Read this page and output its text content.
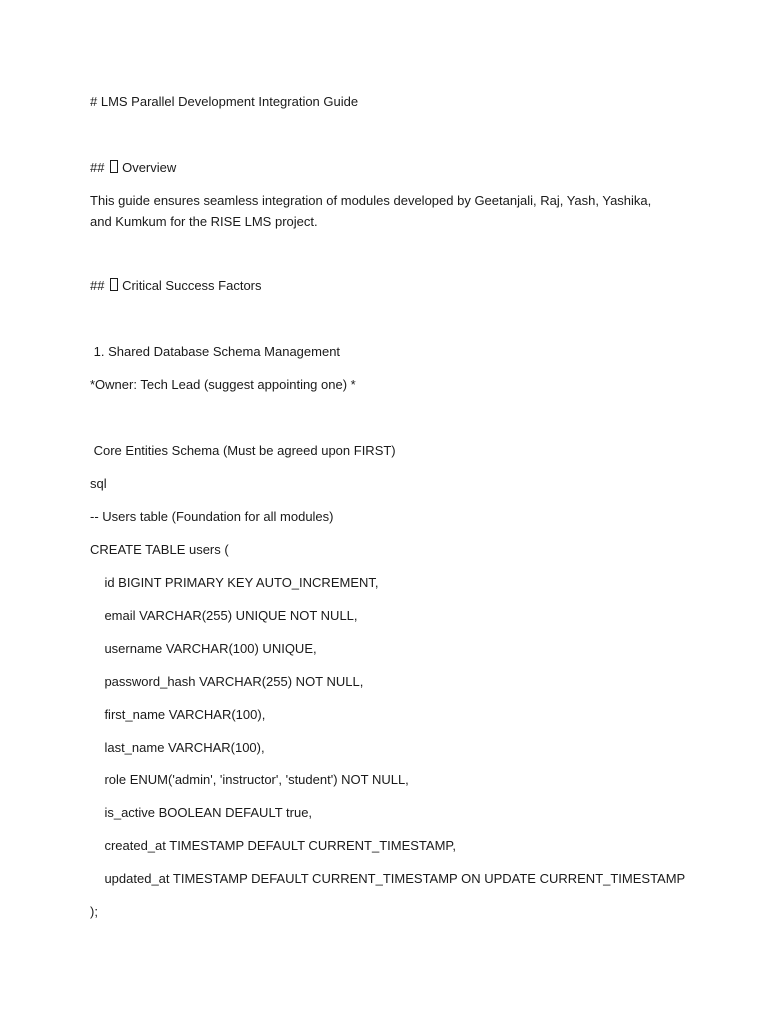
# LMS Parallel Development Integration Guide

## Overview

This guide ensures seamless integration of modules developed by Geetanjali, Raj, Yash, Yashika, and Kumkum for the RISE LMS project.

## Critical Success Factors

1. Shared Database Schema Management

*Owner: Tech Lead (suggest appointing one) *

Core Entities Schema (Must be agreed upon FIRST)

sql

-- Users table (Foundation for all modules)

CREATE TABLE users (

id BIGINT PRIMARY KEY AUTO_INCREMENT,

email VARCHAR(255) UNIQUE NOT NULL,

username VARCHAR(100) UNIQUE,

password_hash VARCHAR(255) NOT NULL,

first_name VARCHAR(100),

last_name VARCHAR(100),

role ENUM('admin', 'instructor', 'student') NOT NULL,

is_active BOOLEAN DEFAULT true,

created_at TIMESTAMP DEFAULT CURRENT_TIMESTAMP,

updated_at TIMESTAMP DEFAULT CURRENT_TIMESTAMP ON UPDATE CURRENT_TIMESTAMP

);
